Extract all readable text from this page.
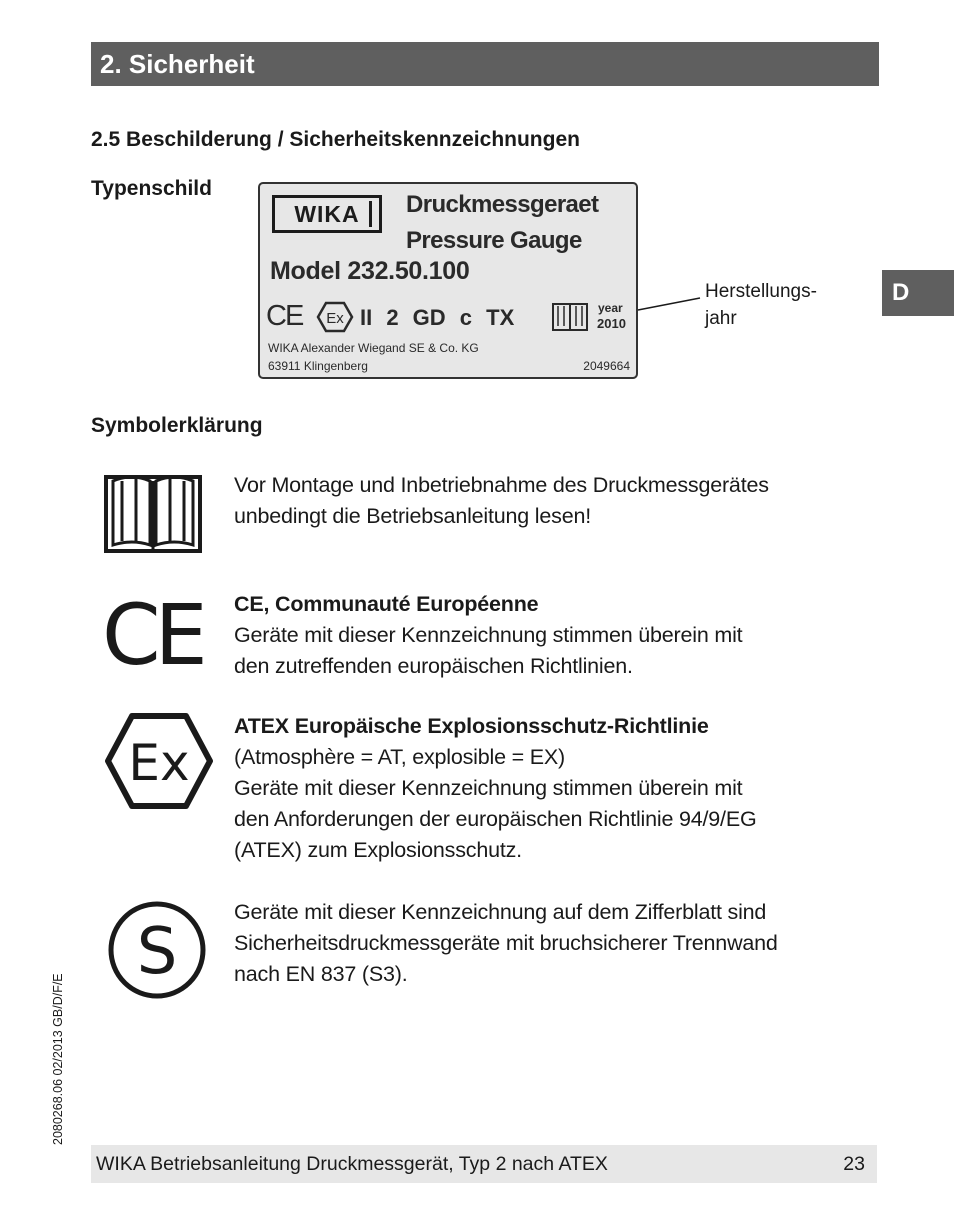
2. Sicherheit
2.5 Beschilderung / Sicherheitskennzeichnungen
Typenschild
WIKA	Druckmessgeraet
Pressure Gauge
Model 232.50.100
CE Ex II 2 GD c TX	year
2010
WIKA Alexander Wiegand SE & Co. KG
63911 Klingenberg	2049664
Herstellungs-
jahr
D
Symbolerklärung
Vor Montage und Inbetriebnahme des Druckmessgerätes
unbedingt die Betriebsanleitung lesen!
CE CE, Communauté Européenne
Geräte mit dieser Kennzeichnung stimmen überein mit
den zutreffenden europäischen Richtlinien.
Ex
ATEX Europäische Explosionsschutz-Richtlinie
(Atmosphère = AT, explosible = EX)
Geräte mit dieser Kennzeichnung stimmen überein mit
den Anforderungen der europäischen Richtlinie 94/9/EG
(ATEX) zum Explosionsschutz.
S
Geräte mit dieser Kennzeichnung auf dem Zifferblatt sind
Sicherheitsdruckmessgeräte mit bruchsicherer Trennwand
nach EN 837 (S3).
2080268.06 02/2013 GB/D/F/E
WIKA Betriebsanleitung Druckmessgerät, Typ 2 nach ATEX	23
